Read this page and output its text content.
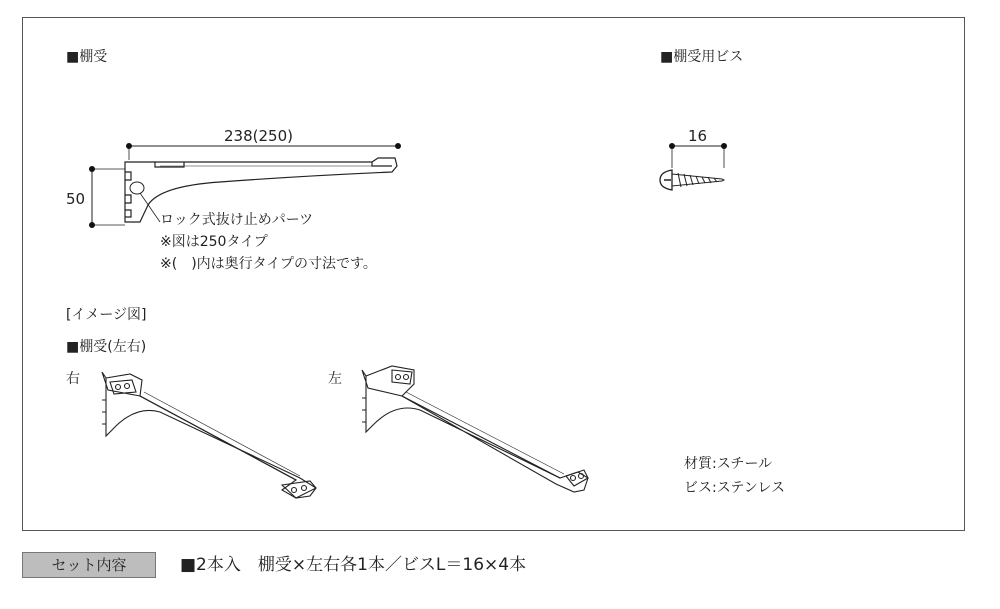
■棚受
238(250)
50
ロック式抜け止めパーツ
※図は250タイプ
※(　)内は奥行タイプの寸法です。
■棚受用ビス
16
[イメージ図]
■棚受(左右)
右	左
材質:スチール
ビス:ステンレス
セット内容	■2本入　棚受×左右各1本／ビスL＝16×4本
